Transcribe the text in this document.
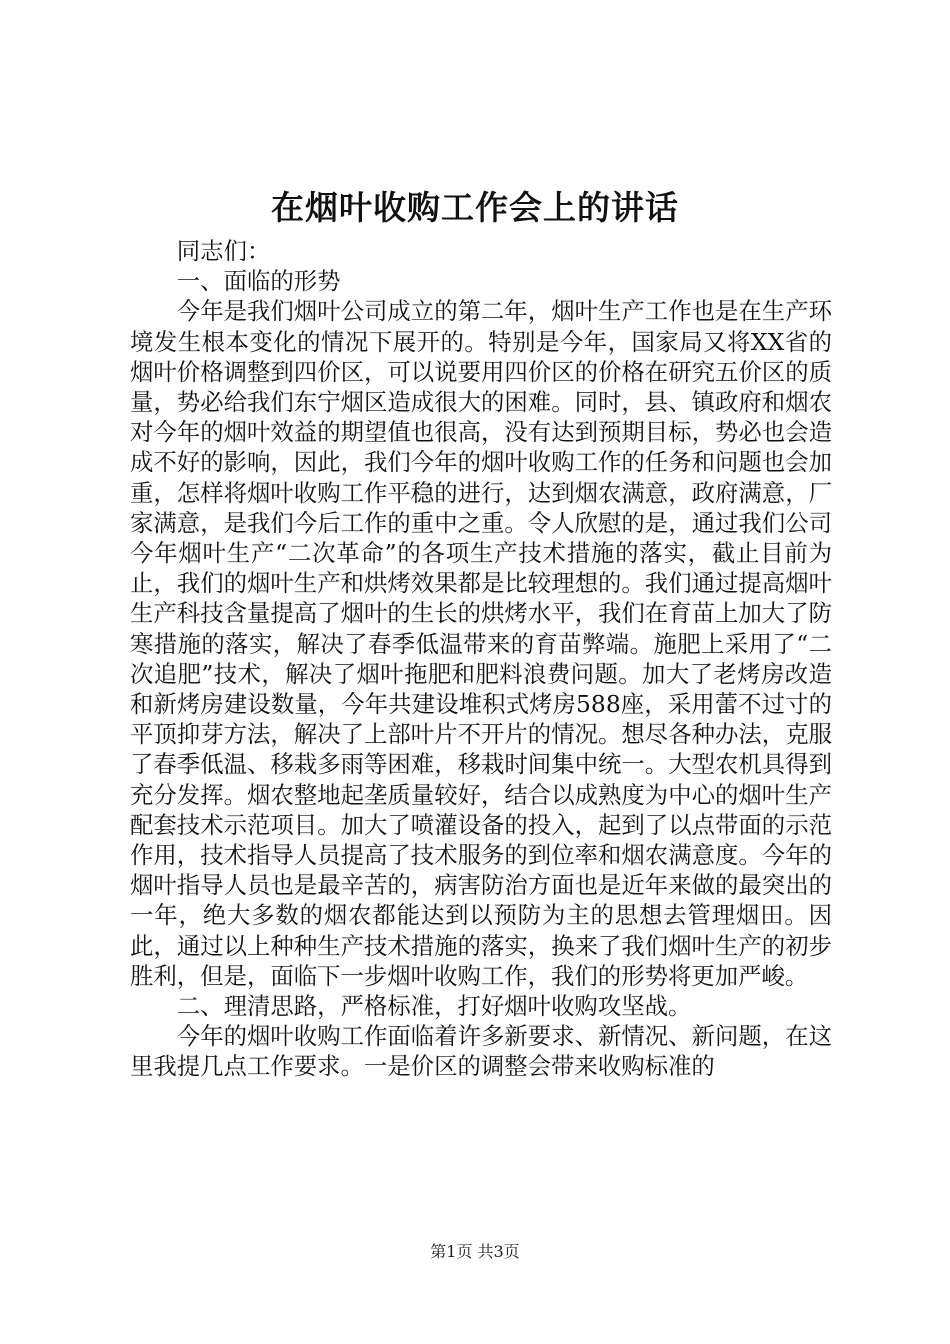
在烟叶收购工作会上的讲话

同志们：

一、面临的形势

今年是我们烟叶公司成立的第二年，烟叶生产工作也是在生产环境发生根本变化的情况下展开的。特别是今年，国家局又将XX省的烟叶价格调整到四价区，可以说要用四价区的价格在研究五价区的质量，势必给我们东宁烟区造成很大的困难。同时，县、镇政府和烟农对今年的烟叶效益的期望值也很高，没有达到预期目标，势必也会造成不好的影响，因此，我们今年的烟叶收购工作的任务和问题也会加重，怎样将烟叶收购工作平稳的进行，达到烟农满意，政府满意，厂家满意，是我们今后工作的重中之重。令人欣慰的是，通过我们公司今年烟叶生产“二次革命”的各项生产技术措施的落实，截止目前为止，我们的烟叶生产和烘烤效果都是比较理想的。我们通过提高烟叶生产科技含量提高了烟叶的生长的烘烤水平，我们在育苗上加大了防寒措施的落实，解决了春季低温带来的育苗弊端。施肥上采用了“二次追肥”技术，解决了烟叶拖肥和肥料浪费问题。加大了老烤房改造和新烤房建设数量，今年共建设堆积式烤房588座，采用蕾不过寸的平顶抑芽方法，解决了上部叶片不开片的情况。想尽各种办法，克服了春季低温、移栽多雨等困难，移栽时间集中统一。大型农机具得到充分发挥。烟农整地起垄质量较好，结合以成熟度为中心的烟叶生产配套技术示范项目。加大了喷灌设备的投入，起到了以点带面的示范作用，技术指导人员提高了技术服务的到位率和烟农满意度。今年的烟叶指导人员也是最辛苦的，病害防治方面也是近年来做的最突出的一年，绝大多数的烟农都能达到以预防为主的思想去管理烟田。因此，通过以上种种生产技术措施的落实，换来了我们烟叶生产的初步胜利，但是，面临下一步烟叶收购工作，我们的形势将更加严峻。

二、理清思路，严格标准，打好烟叶收购攻坚战。

今年的烟叶收购工作面临着许多新要求、新情况、新问题，在这里我提几点工作要求。一是价区的调整会带来收购标准的

第1页 共3页
